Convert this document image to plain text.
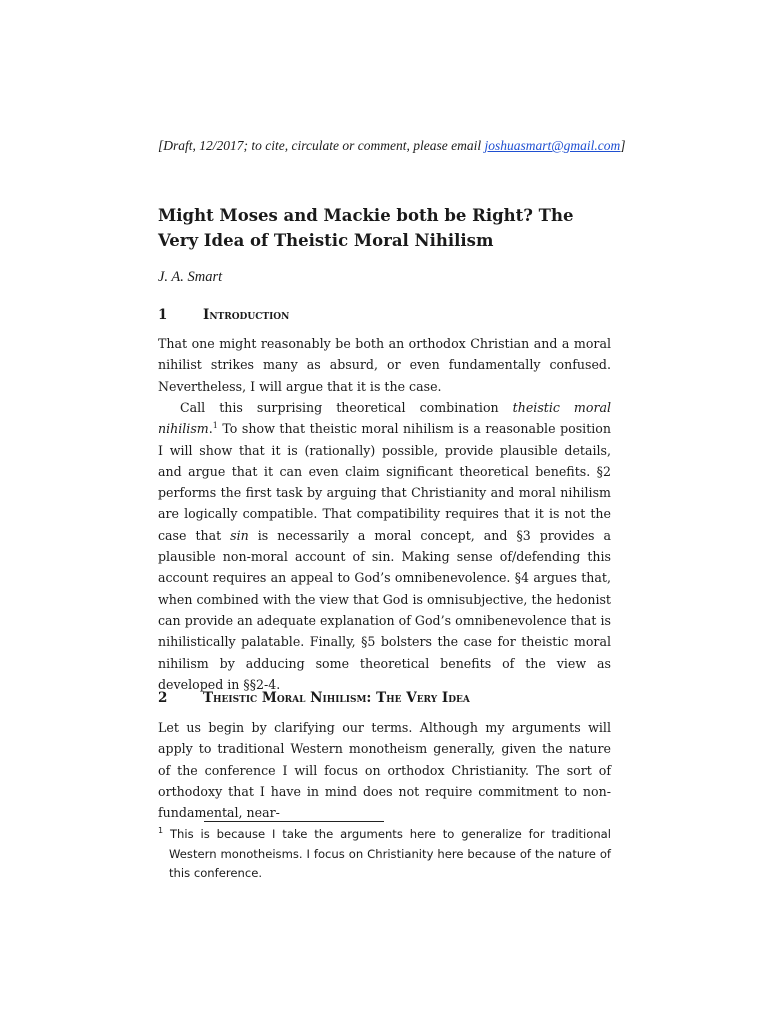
[Draft, 12/2017; to cite, circulate or comment, please email joshuasmart@gmail.com]
Might Moses and Mackie both be Right? The Very Idea of Theistic Moral Nihilism
J. A. Smart
1	Introduction

That one might reasonably be both an orthodox Christian and a moral nihilist strikes many as absurd, or even fundamentally confused. Nevertheless, I will argue that it is the case.

Call this surprising theoretical combination theistic moral nihilism.$^1$ To show that theistic moral nihilism is a reasonable position I will show that it is (rationally) possible, provide plausible details, and argue that it can even claim significant theoretical benefits. §2 performs the first task by arguing that Christianity and moral nihilism are logically compatible. That compatibility requires that it is not the case that sin is necessarily a moral concept, and §3 provides a plausible non-moral account of sin. Making sense of/defending this account requires an appeal to God’s omnibenevolence. §4 argues that, when combined with the view that God is omnisubjective, the hedonist can provide an adequate explanation of God’s omnibenevolence that is nihilistically palatable. Finally, §5 bolsters the case for theistic moral nihilism by adducing some theoretical benefits of the view as developed in §§2-4.

2	Theistic Moral Nihilism: The Very Idea

Let us begin by clarifying our terms. Although my arguments will apply to traditional Western monotheism generally, given the nature of the conference I will focus on orthodox Christianity. The sort of orthodoxy that I have in mind does not require commitment to non-fundamental, near-

$^1$ This is because I take the arguments here to generalize for traditional Western monotheisms. I focus on Christianity here because of the nature of this conference.
